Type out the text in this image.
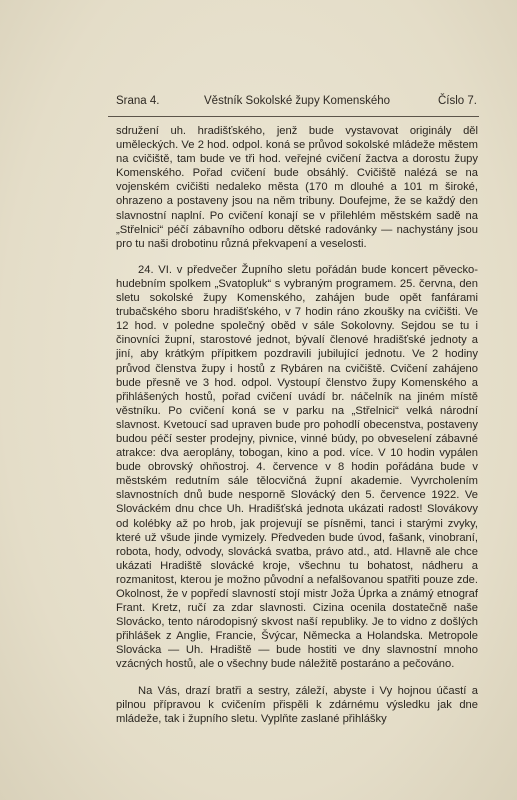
Srana 4.	Věstník Sokolské župy Komenského	Číslo 7.

sdružení uh. hradišťského, jenž bude vystavovat originály děl uměleckých. Ve 2 hod. odpol. koná se průvod sokolské mládeže městem na cvičiště, tam bude ve tři hod. veřejné cvičení žactva a dorostu župy Komenského. Pořad cvičení bude obsáhlý. Cvičiště nalézá se na vojenském cvičišti nedaleko města (170 m dlouhé a 101 m široké, ohrazeno a postaveny jsou na něm tribuny. Doufejme, že se každý den slavnostní naplní. Po cvičení konají se v přilehlém městském sadě na „Střelnici“ péčí zábavního odboru dětské radovánky — nachystány jsou pro tu naši drobotinu různá překvapení a veselosti.

24. VI. v předvečer Župního sletu pořádán bude koncert pěvecko-hudebním spolkem „Svatopluk“ s vybraným programem. 25. června, den sletu sokolské župy Komenského, zahájen bude opět fanfárami trubačského sboru hradišťského, v 7 hodin ráno zkoušky na cvičišti. Ve 12 hod. v poledne společný oběd v sále Sokolovny. Sejdou se tu i činovníci župní, starostové jednot, bývalí členové hradišťské jednoty a jiní, aby krátkým přípitkem pozdravili jubilující jednotu. Ve 2 hodiny průvod členstva župy i hostů z Rybáren na cvičiště. Cvičení zahájeno bude přesně ve 3 hod. odpol. Vystoupí členstvo župy Komenského a přihlášených hostů, pořad cvičení uvádí br. náčelník na jiném místě věstníku. Po cvičení koná se v parku na „Střelnici“ velká národní slavnost. Kvetoucí sad upraven bude pro pohodlí obecenstva, postaveny budou péčí sester prodejny, pivnice, vinné búdy, po obveselení zábavné atrakce: dva aeroplány, tobogan, kino a pod. více. V 10 hodin vypálen bude obrovský ohňostroj. 4. července v 8 hodin pořádána bude v městském redutním sále tělocvičná župní akademie. Vyvrcholením slavnostních dnů bude nesporně Slovácký den 5. července 1922. Ve Slováckém dnu chce Uh. Hradišťská jednota ukázati radost! Slovákovy od kolébky až po hrob, jak projevují se písněmi, tanci i starými zvyky, které už všude jinde vymizely. Předveden bude úvod, fašank, vinobraní, robota, hody, odvody, slovácká svatba, právo atd., atd. Hlavně ale chce ukázati Hradiště slovácké kroje, všechnu tu bohatost, nádheru a rozmanitost, kterou je možno původní a nefalšovanou spatřiti pouze zde. Okolnost, že v popředí slavností stojí mistr Joža Úprka a známý etnograf Frant. Kretz, ručí za zdar slavnosti. Cizina ocenila dostatečně naše Slovácko, tento národopisný skvost naší republiky. Je to vidno z došlých přihlášek z Anglie, Francie, Švýcar, Německa a Holandska. Metropole Slovácka — Uh. Hradiště — bude hostiti ve dny slavnostní mnoho vzácných hostů, ale o všechny bude náležitě postaráno a pečováno.

Na Vás, drazí bratři a sestry, záleží, abyste i Vy hojnou účastí a pilnou přípravou k cvičením přispěli k zdárnému výsledku jak dne mládeže, tak i župního sletu. Vyplňte zaslané přihlášky
